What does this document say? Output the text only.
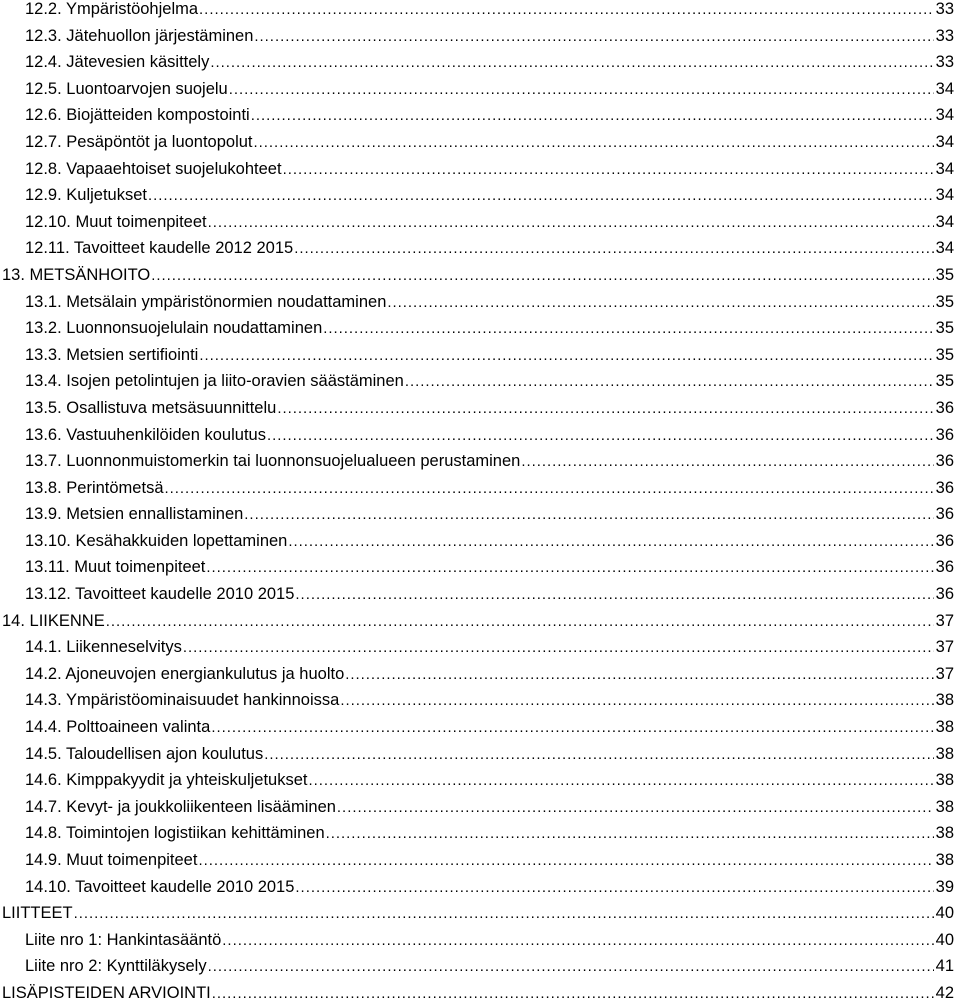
12.2. Ympäristöohjelma . . .	33
12.3. Jätehuollon järjestäminen . . .	33
12.4. Jätevesien käsittely . . .	33
12.5. Luontoarvojen suojelu . . .	34
12.6. Biojätteiden kompostointi . . .	34
12.7. Pesäpöntöt ja luontopolut . . .	34
12.8. Vapaaehtoiset suojelukohteet . . .	34
12.9. Kuljetukset . . .	34
12.10. Muut toimenpiteet . . .	34
12.11. Tavoitteet kaudelle 2012 2015 . . .	34
13. METSÄNHOITO . . .	35
13.1. Metsälain ympäristönormien noudattaminen . . .	35
13.2. Luonnonsuojelulain noudattaminen . . .	35
13.3. Metsien sertifiointi . . .	35
13.4. Isojen petolintujen ja liito-oravien säästäminen . . .	35
13.5. Osallistuva metsäsuunnittelu . . .	36
13.6. Vastuuhenkilöiden koulutus . . .	36
13.7. Luonnonmuistomerkin tai luonnonsuojelualueen perustaminen . . .	36
13.8. Perintömetsä . . .	36
13.9. Metsien ennallistaminen . . .	36
13.10. Kesähakkuiden lopettaminen . . .	36
13.11. Muut toimenpiteet . . .	36
13.12. Tavoitteet kaudelle 2010 2015 . . .	36
14. LIIKENNE . . .	37
14.1. Liikenneselvitys . . .	37
14.2. Ajoneuvojen energiankulutus ja huolto . . .	37
14.3. Ympäristöominaisuudet hankinnoissa . . .	38
14.4. Polttoaineen valinta . . .	38
14.5. Taloudellisen ajon koulutus . . .	38
14.6. Kimppakyydit ja yhteiskuljetukset . . .	38
14.7. Kevyt- ja joukkoliikenteen lisääminen . . .	38
14.8. Toimintojen logistiikan kehittäminen . . .	38
14.9. Muut toimenpiteet . . .	38
14.10. Tavoitteet kaudelle 2010 2015 . . .	39
LIITTEET . . .	40
Liite nro 1: Hankintasääntö . . .	40
Liite nro 2: Kynttiläkysely . . .	41
LISÄPISTEIDEN ARVIOINTI . . .	42
